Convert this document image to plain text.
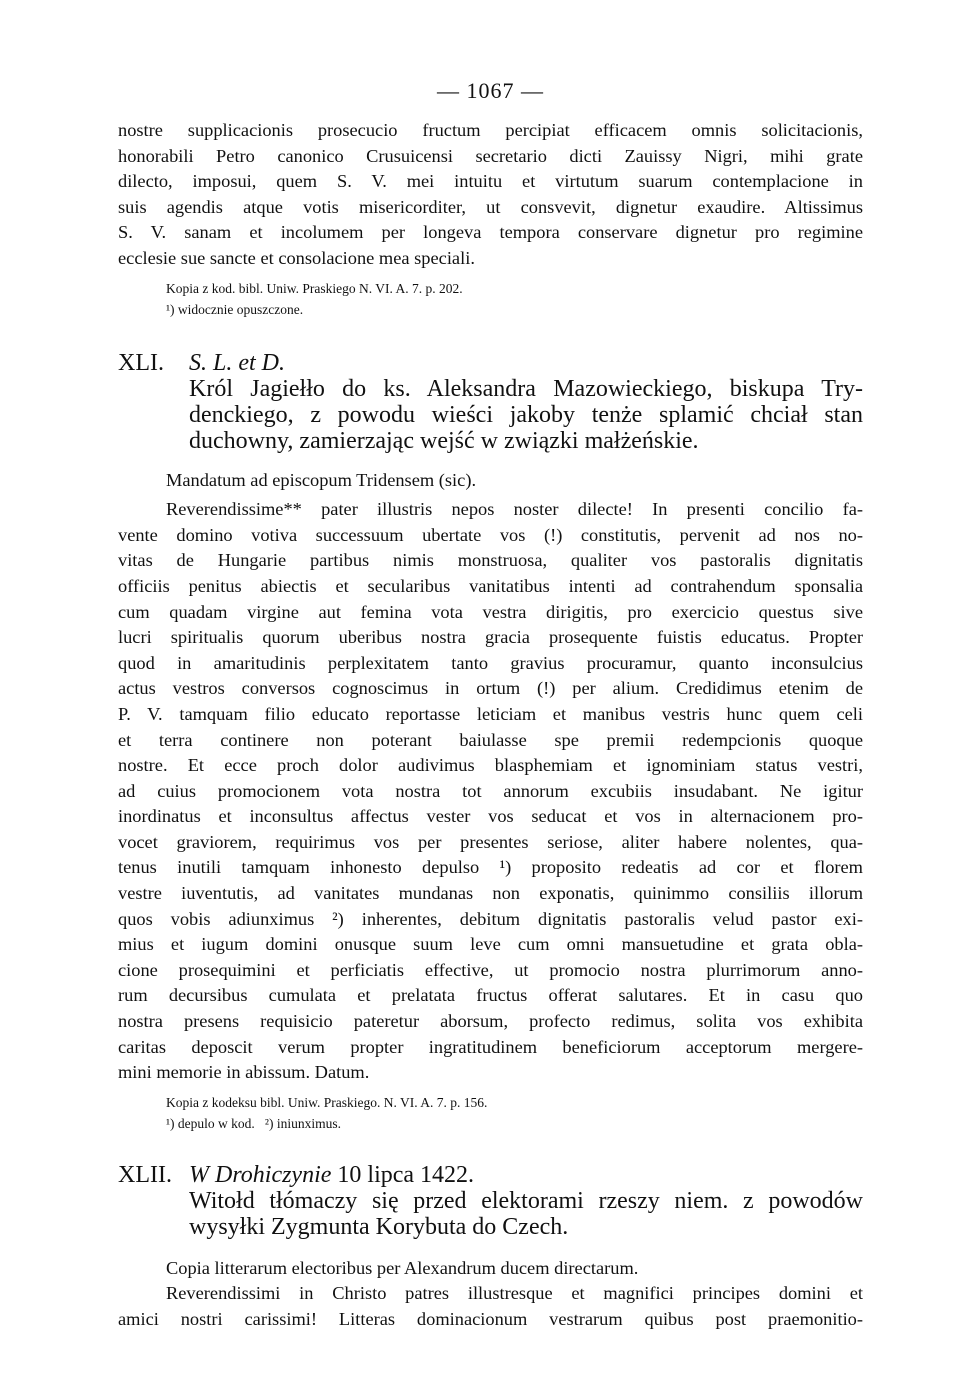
— 1067 —
nostre supplicacionis prosecucio fructum percipiat efficacem omnis solicitacionis,
honorabili Petro canonico Crusuicensi secretario dicti Zauissy Nigri, mihi grate
dilecto, imposui, quem S. V. mei intuitu et virtutum suarum contemplacione in
suis agendis atque votis misericorditer, ut consvevit, dignetur exaudire. Altissimus
S. V. sanam et incolumem per longeva tempora conservare dignetur pro regimine
ecclesie sue sancte et consolacione mea speciali.
Kopia z kod. bibl. Uniw. Praskiego N. VI. A. 7. p. 202.
¹) widocznie opuszczone.
XLI. S. L. et D.
Król Jagiełło do ks. Aleksandra Mazowieckiego, biskupa Try-
denckiego, z powodu wieści jakoby tenże splamić chciał stan
duchowny, zamierzając wejść w związki małżeńskie.
Mandatum ad episcopum Tridensem (sic).
Reverendissime** pater illustris nepos noster dilecte! In presenti concilio fa-
vente domino votiva successuum ubertate vos (!) constitutis, pervenit ad nos no-
vitas de Hungarie partibus nimis monstruosa, qualiter vos pastoralis dignitatis
officiis penitus abiectis et secularibus vanitatibus intenti ad contrahendum sponsalia
cum quadam virgine aut femina vota vestra dirigitis, pro exercicio questus sive
lucri spiritualis quorum uberibus nostra gracia prosequente fuistis educatus. Propter
quod in amaritudinis perplexitatem tanto gravius procuramur, quanto inconsulcius
actus vestros conversos cognoscimus in ortum (!) per alium. Credidimus etenim de
P. V. tamquam filio educato reportasse leticiam et manibus vestris hunc quem celi
et terra continere non poterant baiulasse spe premii redempcionis quoque
nostre. Et ecce proch dolor audivimus blasphemiam et ignominiam status vestri,
ad cuius promocionem vota nostra tot annorum excubiis insudabant. Ne igitur
inordinatus et inconsultus affectus vester vos seducat et vos in alternacionem pro-
vocet graviorem, requirimus vos per presentes seriose, aliter habere nolentes, qua-
tenus inutili tamquam inhonesto depulso ¹) proposito redeatis ad cor et florem
vestre iuventutis, ad vanitates mundanas non exponatis, quinimmo consiliis illorum
quos vobis adiunximus ²) inherentes, debitum dignitatis pastoralis velud pastor exi-
mius et iugum domini onusque suum leve cum omni mansuetudine et grata obla-
cione prosequimini et perficiatis effective, ut promocio nostra plurrimorum anno-
rum decursibus cumulata et prelatata fructus offerat salutares. Et in casu quo
nostra presens requisicio pateretur aborsum, profecto redimus, solita vos exhibita
caritas deposcit verum propter ingratitudinem beneficiorum acceptorum mergere-
mini memorie in abissum. Datum.
Kopia z kodeksu bibl. Uniw. Praskiego. N. VI. A. 7. p. 156.
¹) depulo w kod.   ²) iniunximus.
XLII. W Drohiczynie 10 lipca 1422.
Witołd tłómaczy się przed elektorami rzeszy niem. z powodów
wysyłki Zygmunta Korybuta do Czech.
Copia litterarum electoribus per Alexandrum ducem directarum.
Reverendissimi in Christo patres illustresque et magnifici principes domini et
amici nostri carissimi! Litteras dominacionum vestrarum quibus post praemonitio-
